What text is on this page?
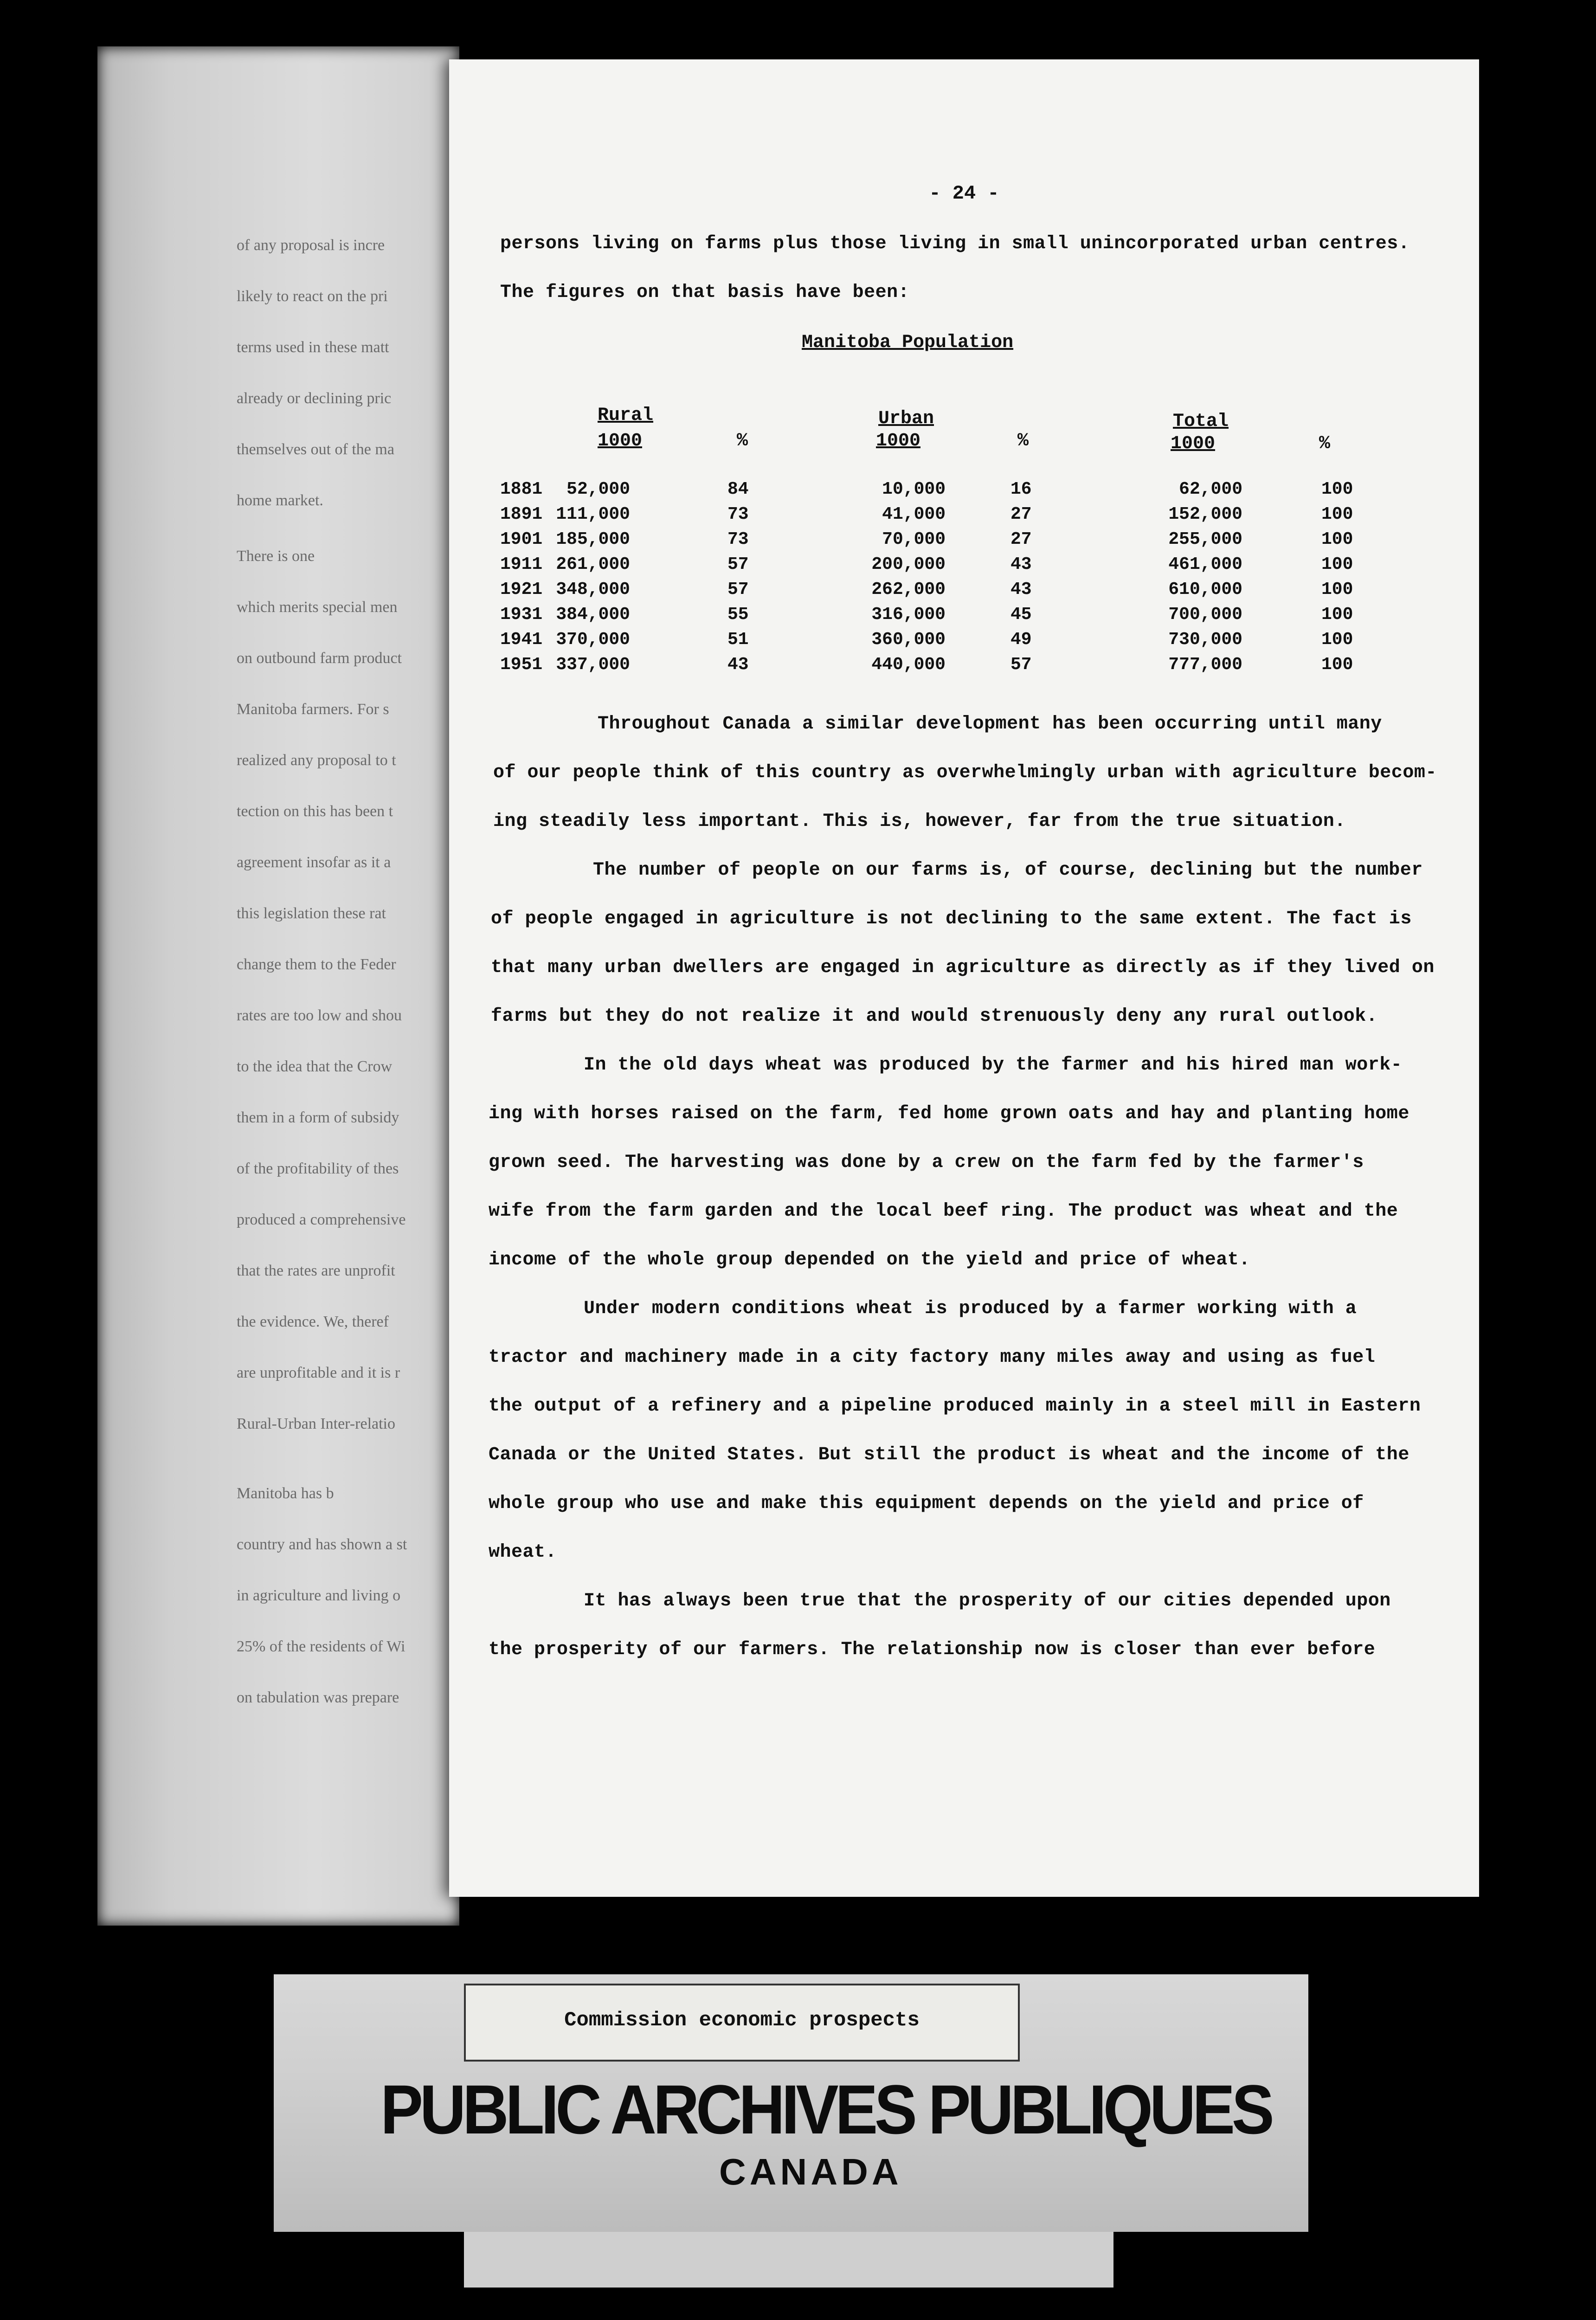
of any proposal is incre
likely to react on the pri
terms used in these matt
already or declining pric
themselves out of the ma
home market.
There is one
which merits special men
on outbound farm product
Manitoba farmers. For s
realized any proposal to t
tection on this has been t
agreement insofar as it a
this legislation these rat
change them to the Feder
rates are too low and shou
to the idea that the Crow
them in a form of subsidy
of the profitability of thes
produced a comprehensive
that the rates are unprofit
the evidence. We, theref
are unprofitable and it is r
Rural-Urban Inter-relatio
Manitoba has b
country and has shown a st
in agriculture and living o
25% of the residents of Wi
on tabulation was prepare
- 24 -
persons living on farms plus those living in small unincorporated urban centres.
The figures on that basis have been:
Manitoba Population
Rural
1000	%
Urban
1000	%
Total
1000	%
1881	52,000	84	10,000	16	62,000	100
1891 111,000	73	41,000	27	152,000	100
1901 185,000	73	70,000	27	255,000	100
1911 261,000	57	200,000	43	461,000	100
1921 348,000	57	262,000	43	610,000	100
1931 384,000	55	316,000	45	700,000	100
1941 370,000	51	360,000	49	730,000	100
1951 337,000	43	440,000	57	777,000	100
Throughout Canada a similar development has been occurring until many
of our people think of this country as overwhelmingly urban with agriculture becom-
ing steadily less important. This is, however, far from the true situation.
The number of people on our farms is, of course, declining but the number
of people engaged in agriculture is not declining to the same extent. The fact is
that many urban dwellers are engaged in agriculture as directly as if they lived on
farms but they do not realize it and would strenuously deny any rural outlook.
In the old days wheat was produced by the farmer and his hired man work-
ing with horses raised on the farm, fed home grown oats and hay and planting home
grown seed. The harvesting was done by a crew on the farm fed by the farmer's
wife from the farm garden and the local beef ring. The product was wheat and the
income of the whole group depended on the yield and price of wheat.
Under modern conditions wheat is produced by a farmer working with a
tractor and machinery made in a city factory many miles away and using as fuel
the output of a refinery and a pipeline produced mainly in a steel mill in Eastern
Canada or the United States. But still the product is wheat and the income of the
whole group who use and make this equipment depends on the yield and price of
wheat.
It has always been true that the prosperity of our cities depended upon
the prosperity of our farmers. The relationship now is closer than ever before
Commission economic prospects
PUBLIC ARCHIVES PUBLIQUES
CANADA
